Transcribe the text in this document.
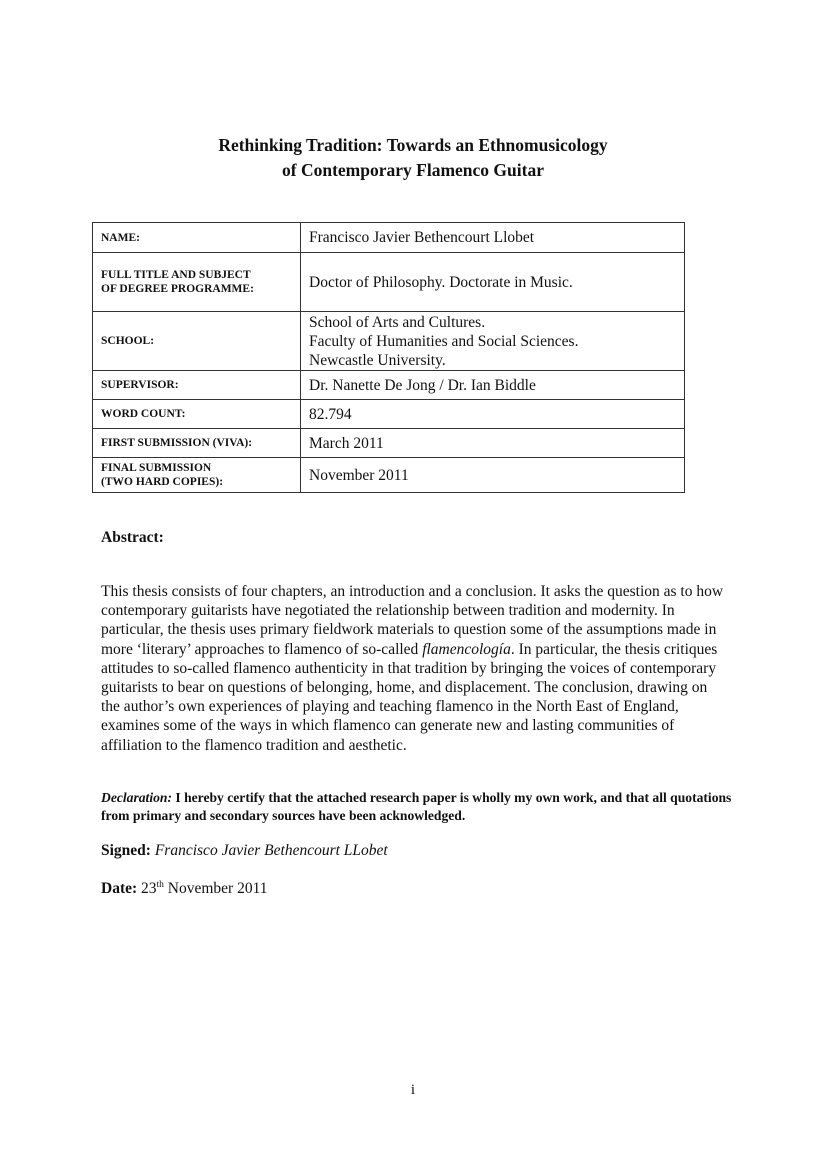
Rethinking Tradition: Towards an Ethnomusicology
of Contemporary Flamenco Guitar
NAME:	Francisco Javier Bethencourt Llobet
FULL TITLE AND SUBJECT
OF DEGREE PROGRAMME:	Doctor of Philosophy. Doctorate in Music.
SCHOOL:	School of Arts and Cultures.
Faculty of Humanities and Social Sciences.
Newcastle University.
SUPERVISOR:	Dr. Nanette De Jong / Dr. Ian Biddle
WORD COUNT:	82.794
FIRST SUBMISSION (VIVA):	March 2011
FINAL SUBMISSION
(TWO HARD COPIES):	November 2011
Abstract:
This thesis consists of four chapters, an introduction and a conclusion. It asks the question as to how contemporary guitarists have negotiated the relationship between tradition and modernity. In particular, the thesis uses primary fieldwork materials to question some of the assumptions made in more ‘literary’ approaches to flamenco of so-called flamencología. In particular, the thesis critiques attitudes to so-called flamenco authenticity in that tradition by bringing the voices of contemporary guitarists to bear on questions of belonging, home, and displacement. The conclusion, drawing on the author’s own experiences of playing and teaching flamenco in the North East of England, examines some of the ways in which flamenco can generate new and lasting communities of affiliation to the flamenco tradition and aesthetic.
Declaration: I hereby certify that the attached research paper is wholly my own work, and that all quotations from primary and secondary sources have been acknowledged.
Signed: Francisco Javier Bethencourt LLobet
Date: 23th November 2011
i
